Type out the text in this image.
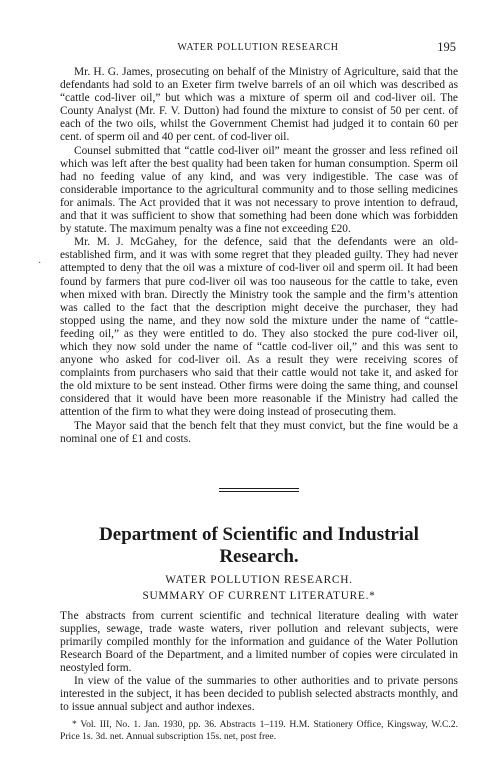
WATER POLLUTION RESEARCH	195
·

Mr. H. G. James, prosecuting on behalf of the Ministry of Agriculture, said that the defendants had sold to an Exeter firm twelve barrels of an oil which was described as “cattle cod-liver oil,” but which was a mixture of sperm oil and cod-liver oil. The County Analyst (Mr. F. V. Dutton) had found the mixture to consist of 50 per cent. of each of the two oils, whilst the Government Chemist had judged it to contain 60 per cent. of sperm oil and 40 per cent. of cod-liver oil.

Counsel submitted that “cattle cod-liver oil” meant the grosser and less refined oil which was left after the best quality had been taken for human consumption. Sperm oil had no feeding value of any kind, and was very indigestible. The case was of considerable importance to the agricultural community and to those selling medicines for animals. The Act provided that it was not necessary to prove intention to defraud, and that it was sufficient to show that something had been done which was forbidden by statute. The maximum penalty was a fine not exceeding £20.

Mr. M. J. McGahey, for the defence, said that the defendants were an old-established firm, and it was with some regret that they pleaded guilty. They had never attempted to deny that the oil was a mixture of cod-liver oil and sperm oil. It had been found by farmers that pure cod-liver oil was too nauseous for the cattle to take, even when mixed with bran. Directly the Ministry took the sample and the firm’s attention was called to the fact that the description might deceive the purchaser, they had stopped using the name, and they now sold the mixture under the name of “cattle-feeding oil,” as they were entitled to do. They also stocked the pure cod-liver oil, which they now sold under the name of “cattle cod-liver oil,” and this was sent to anyone who asked for cod-liver oil. As a result they were receiving scores of complaints from purchasers who said that their cattle would not take it, and asked for the old mixture to be sent instead. Other firms were doing the same thing, and counsel considered that it would have been more reasonable if the Ministry had called the attention of the firm to what they were doing instead of prosecuting them.

The Mayor said that the bench felt that they must convict, but the fine would be a nominal one of £1 and costs.

Department of Scientific and Industrial Research.
WATER POLLUTION RESEARCH.
SUMMARY OF CURRENT LITERATURE.*

The abstracts from current scientific and technical literature dealing with water supplies, sewage, trade waste waters, river pollution and relevant subjects, were primarily compiled monthly for the information and guidance of the Water Pollution Research Board of the Department, and a limited number of copies were circulated in neostyled form.

In view of the value of the summaries to other authorities and to private persons interested in the subject, it has been decided to publish selected abstracts monthly, and to issue annual subject and author indexes.

* Vol. III, No. 1. Jan. 1930, pp. 36. Abstracts 1–119. H.M. Stationery Office, Kingsway, W.C.2. Price 1s. 3d. net. Annual subscription 15s. net, post free.
